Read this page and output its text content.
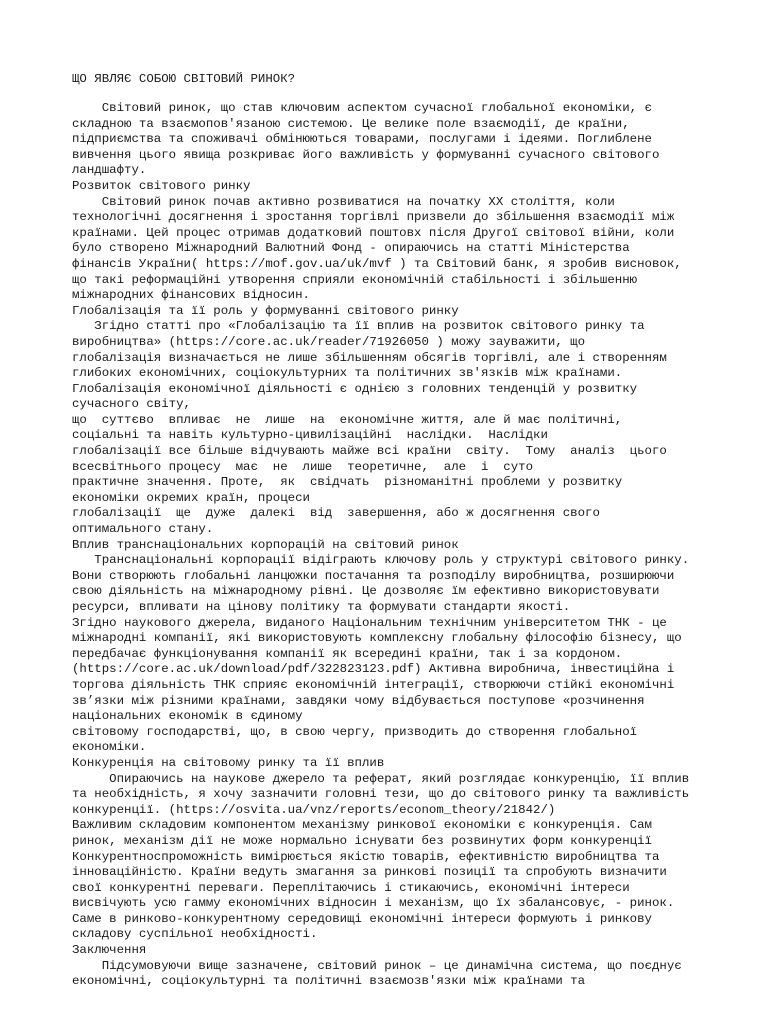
ЩО ЯВЛЯЄ СОБОЮ СВІТОВИЙ РИНОК?
Світовий ринок, що став ключовим аспектом сучасної глобальної економіки, є
складною та взаємопов'язаною системою. Це велике поле взаємодії, де країни,
підприємства та споживачі обмінюються товарами, послугами і ідеями. Поглиблене
вивчення цього явища розкриває його важливість у формуванні сучасного світового
ландшафту.
Розвиток світового ринку
Світовий ринок почав активно розвиватися на початку ХХ століття, коли
технологічні досягнення і зростання торгівлі призвели до збільшення взаємодії між
країнами. Цей процес отримав додатковий поштовх після Другої світової війни, коли
було створено Міжнародний Валютний Фонд - опираючись на статті Міністерства
фінансів України( https://mof.gov.ua/uk/mvf ) та Світовий банк, я зробив висновок,
що такі реформаційні утворення сприяли економічній стабільності і збільшенню
міжнародних фінансових відносин.
Глобалізація та її роль у формуванні світового ринку
Згідно статті про «Глобалізацію та її вплив на розвиток світового ринку та
виробництва» (https://core.ac.uk/reader/71926050 ) можу зауважити, що
глобалізація визначається не лише збільшенням обсягів торгівлі, але і створенням
глибоких економічних, соціокультурних та політичних зв'язків між країнами.
Глобалізація економічної діяльності є однією з головних тенденцій у розвитку
сучасного світу,
що  суттєво  впливає  не  лише  на  економічне життя, але й має політичні,
соціальні та навіть культурно-цивилізаційні  наслідки.  Наслідки
глобалізації все більше відчувають майже всі країни  світу.  Тому  аналіз  цього
всесвітнього процесу  має  не  лише  теоретичне,  але  і  суто
практичне значення. Проте,  як  свідчать  різноманітні проблеми у розвитку
економіки окремих країн, процеси
глобалізації  ще  дуже  далекі  від  завершення, або ж досягнення свого
оптимального стану.
Вплив транснаціональних корпорацій на світовий ринок
Транснаціональні корпорації відіграють ключову роль у структурі світового ринку.
Вони створюють глобальні ланцюжки постачання та розподілу виробництва, розширюючи
свою діяльність на міжнародному рівні. Це дозволяє їм ефективно використовувати
ресурси, впливати на цінову політику та формувати стандарти якості.
Згідно наукового джерела, виданого Національним технічним університетом ТНК - це
міжнародні компанії, які використовують комплексну глобальну філософію бізнесу, що
передбачає функціонування компанії як всередині країни, так і за кордоном.
(https://core.ac.uk/download/pdf/322823123.pdf) Активна виробнича, інвестиційна і
торгова діяльність ТНК сприяє економічній інтеграції, створюючи стійкі економічні
зв’язки між різними країнами, завдяки чому відбувається поступове «розчинення
національних економік в єдиному
світовому господарстві, що, в свою чергу, призводить до створення глобальної
економіки.
Конкуренція на світовому ринку та її вплив
Опираючись на наукове джерело та реферат, який розглядає конкуренцію, її вплив
та необхідність, я хочу зазначити головні тези, що до світового ринку та важливість
конкуренції. (https://osvita.ua/vnz/reports/econom_theory/21842/)
Важливим складовим компонентом механізму ринкової економіки є конкуренція. Сам
ринок, механізм дії не може нормально існувати без розвинутих форм конкуренції
Конкурентноспроможність вимірюється якістю товарів, ефективністю виробництва та
інноваційністю. Країни ведуть змагання за ринкові позиції та спробують визначити
свої конкурентні переваги. Переплітаючись і стикаючись, економічні інтереси
висвічують усю гамму економічних відносин і механізм, що їх збалансовує, - ринок.
Саме в ринково-конкурентному середовищі економічні інтереси формують і ринкову
складову суспільної необхідності.
Заключення
Підсумовуючи вище зазначене, світовий ринок – це динамічна система, що поєднує
економічні, соціокультурні та політичні взаємозв'язки між країнами та
